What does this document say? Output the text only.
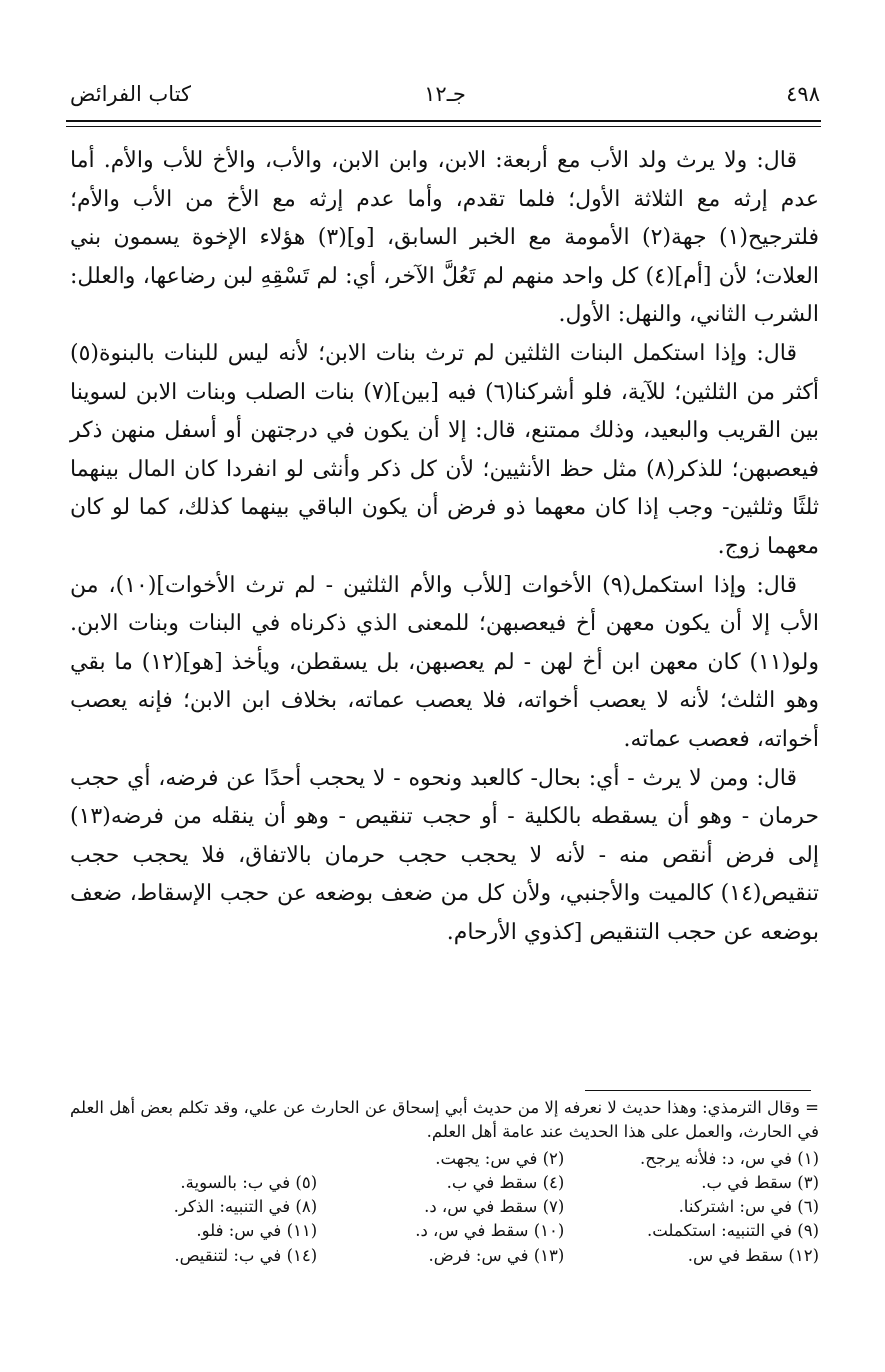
٤٩٨
جـ١٢
كتاب الفرائض

قال: ولا يرث ولد الأب مع أربعة: الابن، وابن الابن، والأب، والأخ للأب والأم. أما عدم إرثه مع الثلاثة الأول؛ فلما تقدم، وأما عدم إرثه مع الأخ من الأب والأم؛ فلترجيح(١) جهة(٢) الأمومة مع الخبر السابق، [و](٣) هؤلاء الإخوة يسمون بني العلات؛ لأن [أم](٤) كل واحد منهم لم تَعُلَّ الآخر، أي: لم تَسْقِهِ لبن رضاعها، والعلل: الشرب الثاني، والنهل: الأول.

قال: وإذا استكمل البنات الثلثين لم ترث بنات الابن؛ لأنه ليس للبنات بالبنوة(٥) أكثر من الثلثين؛ للآية، فلو أشركنا(٦) فيه [بين](٧) بنات الصلب وبنات الابن لسوينا بين القريب والبعيد، وذلك ممتنع، قال: إلا أن يكون في درجتهن أو أسفل منهن ذكر فيعصبهن؛ للذكر(٨) مثل حظ الأنثيين؛ لأن كل ذكر وأنثى لو انفردا كان المال بينهما ثلثًا وثلثين- وجب إذا كان معهما ذو فرض أن يكون الباقي بينهما كذلك، كما لو كان معهما زوج.

قال: وإذا استكمل(٩) الأخوات [للأب والأم الثلثين - لم ترث الأخوات](١٠)، من الأب إلا أن يكون معهن أخ فيعصبهن؛ للمعنى الذي ذكرناه في البنات وبنات الابن. ولو(١١) كان معهن ابن أخ لهن - لم يعصبهن، بل يسقطن، ويأخذ [هو](١٢) ما بقي وهو الثلث؛ لأنه لا يعصب أخواته، فلا يعصب عماته، بخلاف ابن الابن؛ فإنه يعصب أخواته، فعصب عماته.

قال: ومن لا يرث - أي: بحال- كالعبد ونحوه - لا يحجب أحدًا عن فرضه، أي حجب حرمان - وهو أن يسقطه بالكلية - أو حجب تنقيص - وهو أن ينقله من فرضه(١٣) إلى فرض أنقص منه - لأنه لا يحجب حجب حرمان بالاتفاق، فلا يحجب حجب تنقيص(١٤) كالميت والأجنبي، ولأن كل من ضعف بوضعه عن حجب الإسقاط، ضعف بوضعه عن حجب التنقيص [كذوي الأرحام.

= وقال الترمذي: وهذا حديث لا نعرفه إلا من حديث أبي إسحاق عن الحارث عن علي، وقد تكلم بعض أهل العلم في الحارث، والعمل على هذا الحديث عند عامة أهل العلم.

(١) في س، د: فلأنه يرجح.
(٢) في س: يجهت.
(٣) سقط في ب.
(٤) سقط في ب.
(٥) في ب: بالسوية.
(٦) في س: اشتركنا.
(٧) سقط في س، د.
(٨) في التنبيه: الذكر.
(٩) في التنبيه: استكملت.
(١٠) سقط في س، د.
(١١) في س: فلو.
(١٢) سقط في س.
(١٣) في س: فرض.
(١٤) في ب: لتنقيص.
